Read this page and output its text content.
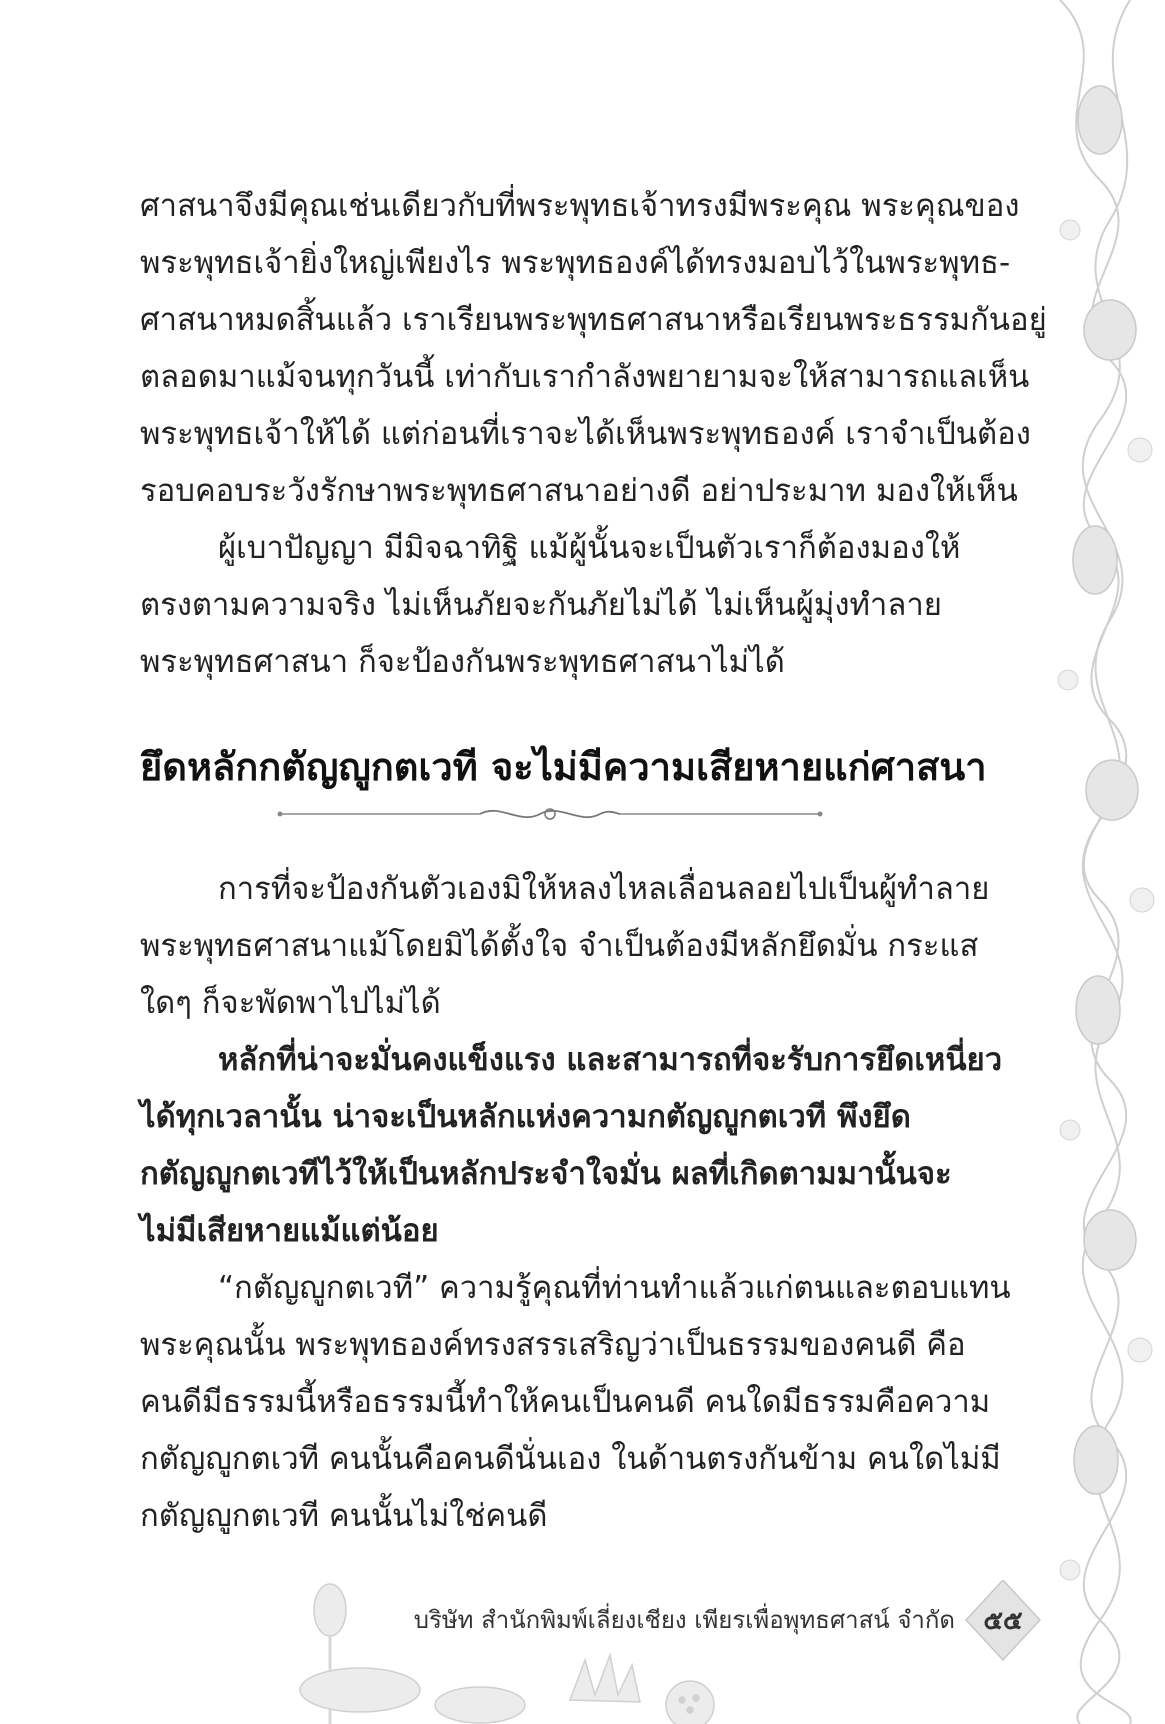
ศาสนาจึงมีคุณเช่นเดียวกับที่พระพุทธเจ้าทรงมีพระคุณ พระคุณของ

พระพุทธเจ้ายิ่งใหญ่เพียงไร พระพุทธองค์ได้ทรงมอบไว้ในพระพุทธ-

ศาสนาหมดสิ้นแล้ว เราเรียนพระพุทธศาสนาหรือเรียนพระธรรมกันอยู่

ตลอดมาแม้จนทุกวันนี้ เท่ากับเรากำลังพยายามจะให้สามารถแลเห็น

พระพุทธเจ้าให้ได้ แต่ก่อนที่เราจะได้เห็นพระพุทธองค์ เราจำเป็นต้อง

รอบคอบระวังรักษาพระพุทธศาสนาอย่างดี อย่าประมาท มองให้เห็น

ผู้เบาปัญญา มีมิจฉาทิฐิ แม้ผู้นั้นจะเป็นตัวเราก็ต้องมองให้

ตรงตามความจริง ไม่เห็นภัยจะกันภัยไม่ได้ ไม่เห็นผู้มุ่งทำลาย

พระพุทธศาสนา ก็จะป้องกันพระพุทธศาสนาไม่ได้

ยึดหลักกตัญญูกตเวที จะไม่มีความเสียหายแก่ศาสนา

การที่จะป้องกันตัวเองมิให้หลงไหลเลื่อนลอยไปเป็นผู้ทำลาย

พระพุทธศาสนาแม้โดยมิได้ตั้งใจ จำเป็นต้องมีหลักยึดมั่น กระแส

ใดๆ ก็จะพัดพาไปไม่ได้

หลักที่น่าจะมั่นคงแข็งแรง และสามารถที่จะรับการยึดเหนี่ยว

ได้ทุกเวลานั้น น่าจะเป็นหลักแห่งความกตัญญูกตเวที พึงยึด

กตัญญูกตเวทีไว้ให้เป็นหลักประจำใจมั่น ผลที่เกิดตามมานั้นจะ

ไม่มีเสียหายแม้แต่น้อย

“กตัญญูกตเวที” ความรู้คุณที่ท่านทำแล้วแก่ตนและตอบแทน

พระคุณนั้น พระพุทธองค์ทรงสรรเสริญว่าเป็นธรรมของคนดี คือ

คนดีมีธรรมนี้หรือธรรมนี้ทำให้คนเป็นคนดี คนใดมีธรรมคือความ

กตัญญูกตเวที คนนั้นคือคนดีนั่นเอง ในด้านตรงกันข้าม คนใดไม่มี

กตัญญูกตเวที คนนั้นไม่ใช่คนดี

บริษัท สำนักพิมพ์เลี่ยงเชียง เพียรเพื่อพุทธศาสน์ จำกัด	๕๕
